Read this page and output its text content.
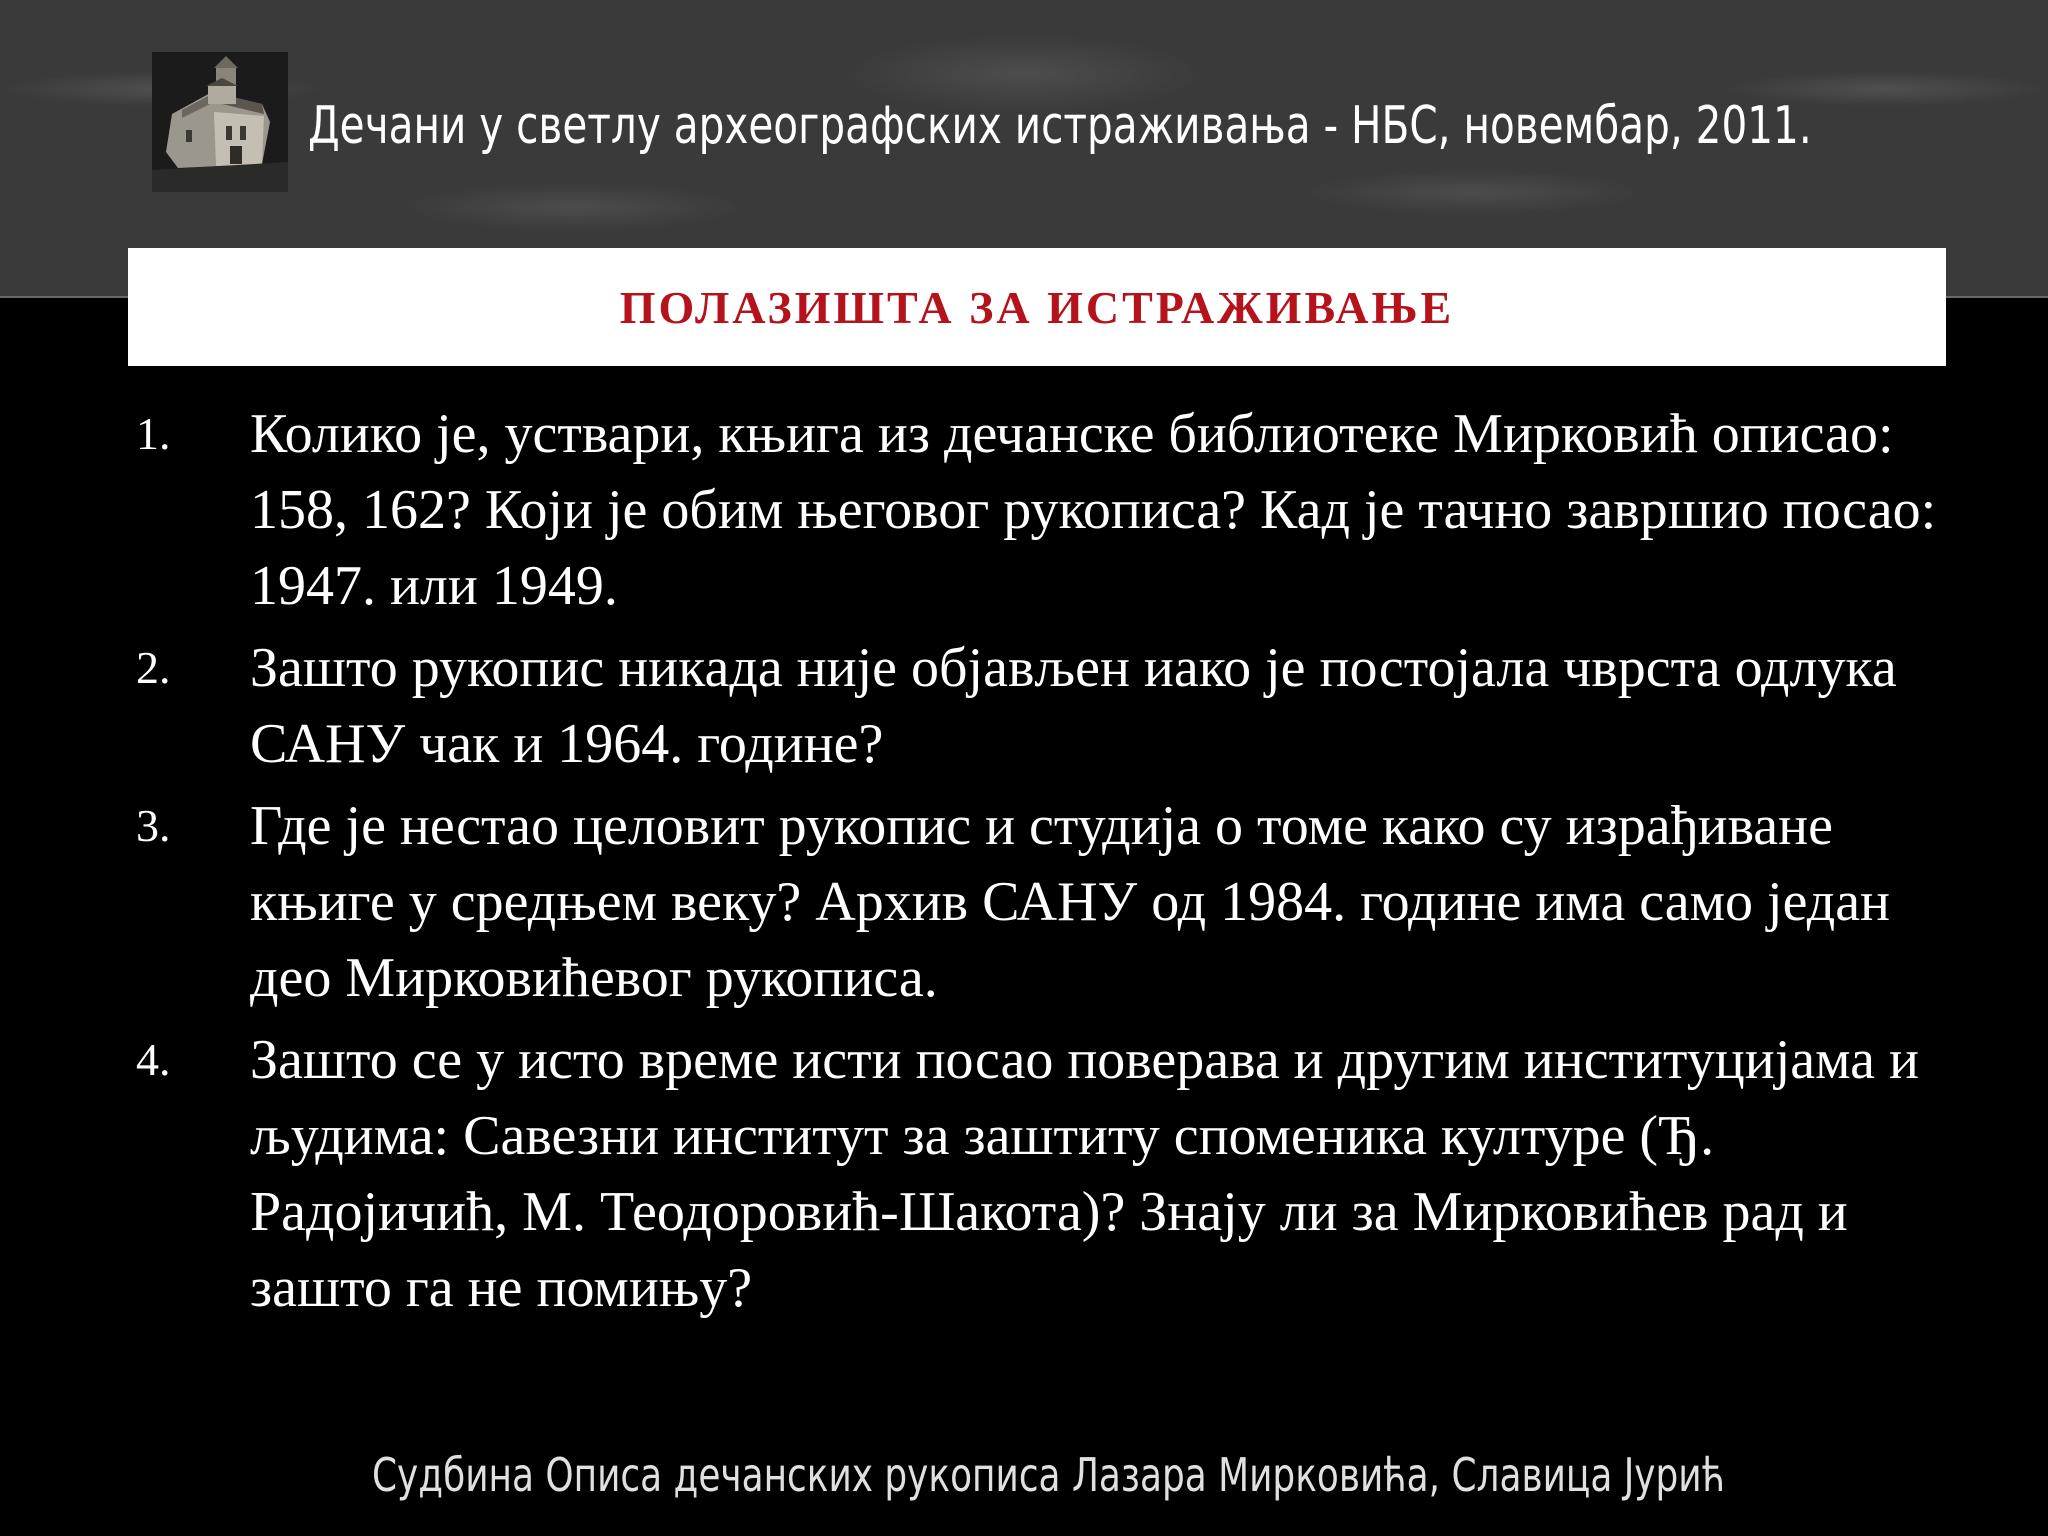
Дечани у светлу археографских истраживања - НБС, новембар, 2011.
ПОЛАЗИШТА ЗА ИСТРАЖИВАЊЕ
1.	Колико је, уствари, књига из дечанске библиотеке Мирковић описао: 158, 162? Који је обим његовог рукописа? Кад је тачно завршио посао: 1947. или 1949.
2.	Зашто рукопис никада није објављен иако је постојала чврста одлука САНУ чак и 1964. године?
3.	Где је нестао целовит рукопис и студија о томе како су израђиване књиге у средњем веку? Архив САНУ од 1984. године има само један део Мирковићевог рукописа.
4.	Зашто се у исто време исти посао поверава и другим институцијама и људима: Савезни институт за заштиту споменика културе (Ђ. Радојичић, М. Теодоровић-Шакота)? Знају ли за Мирковићев рад и зашто га не помињу?
Судбина Описа дечанских рукописа Лазара Мирковића, Славица Јурић
